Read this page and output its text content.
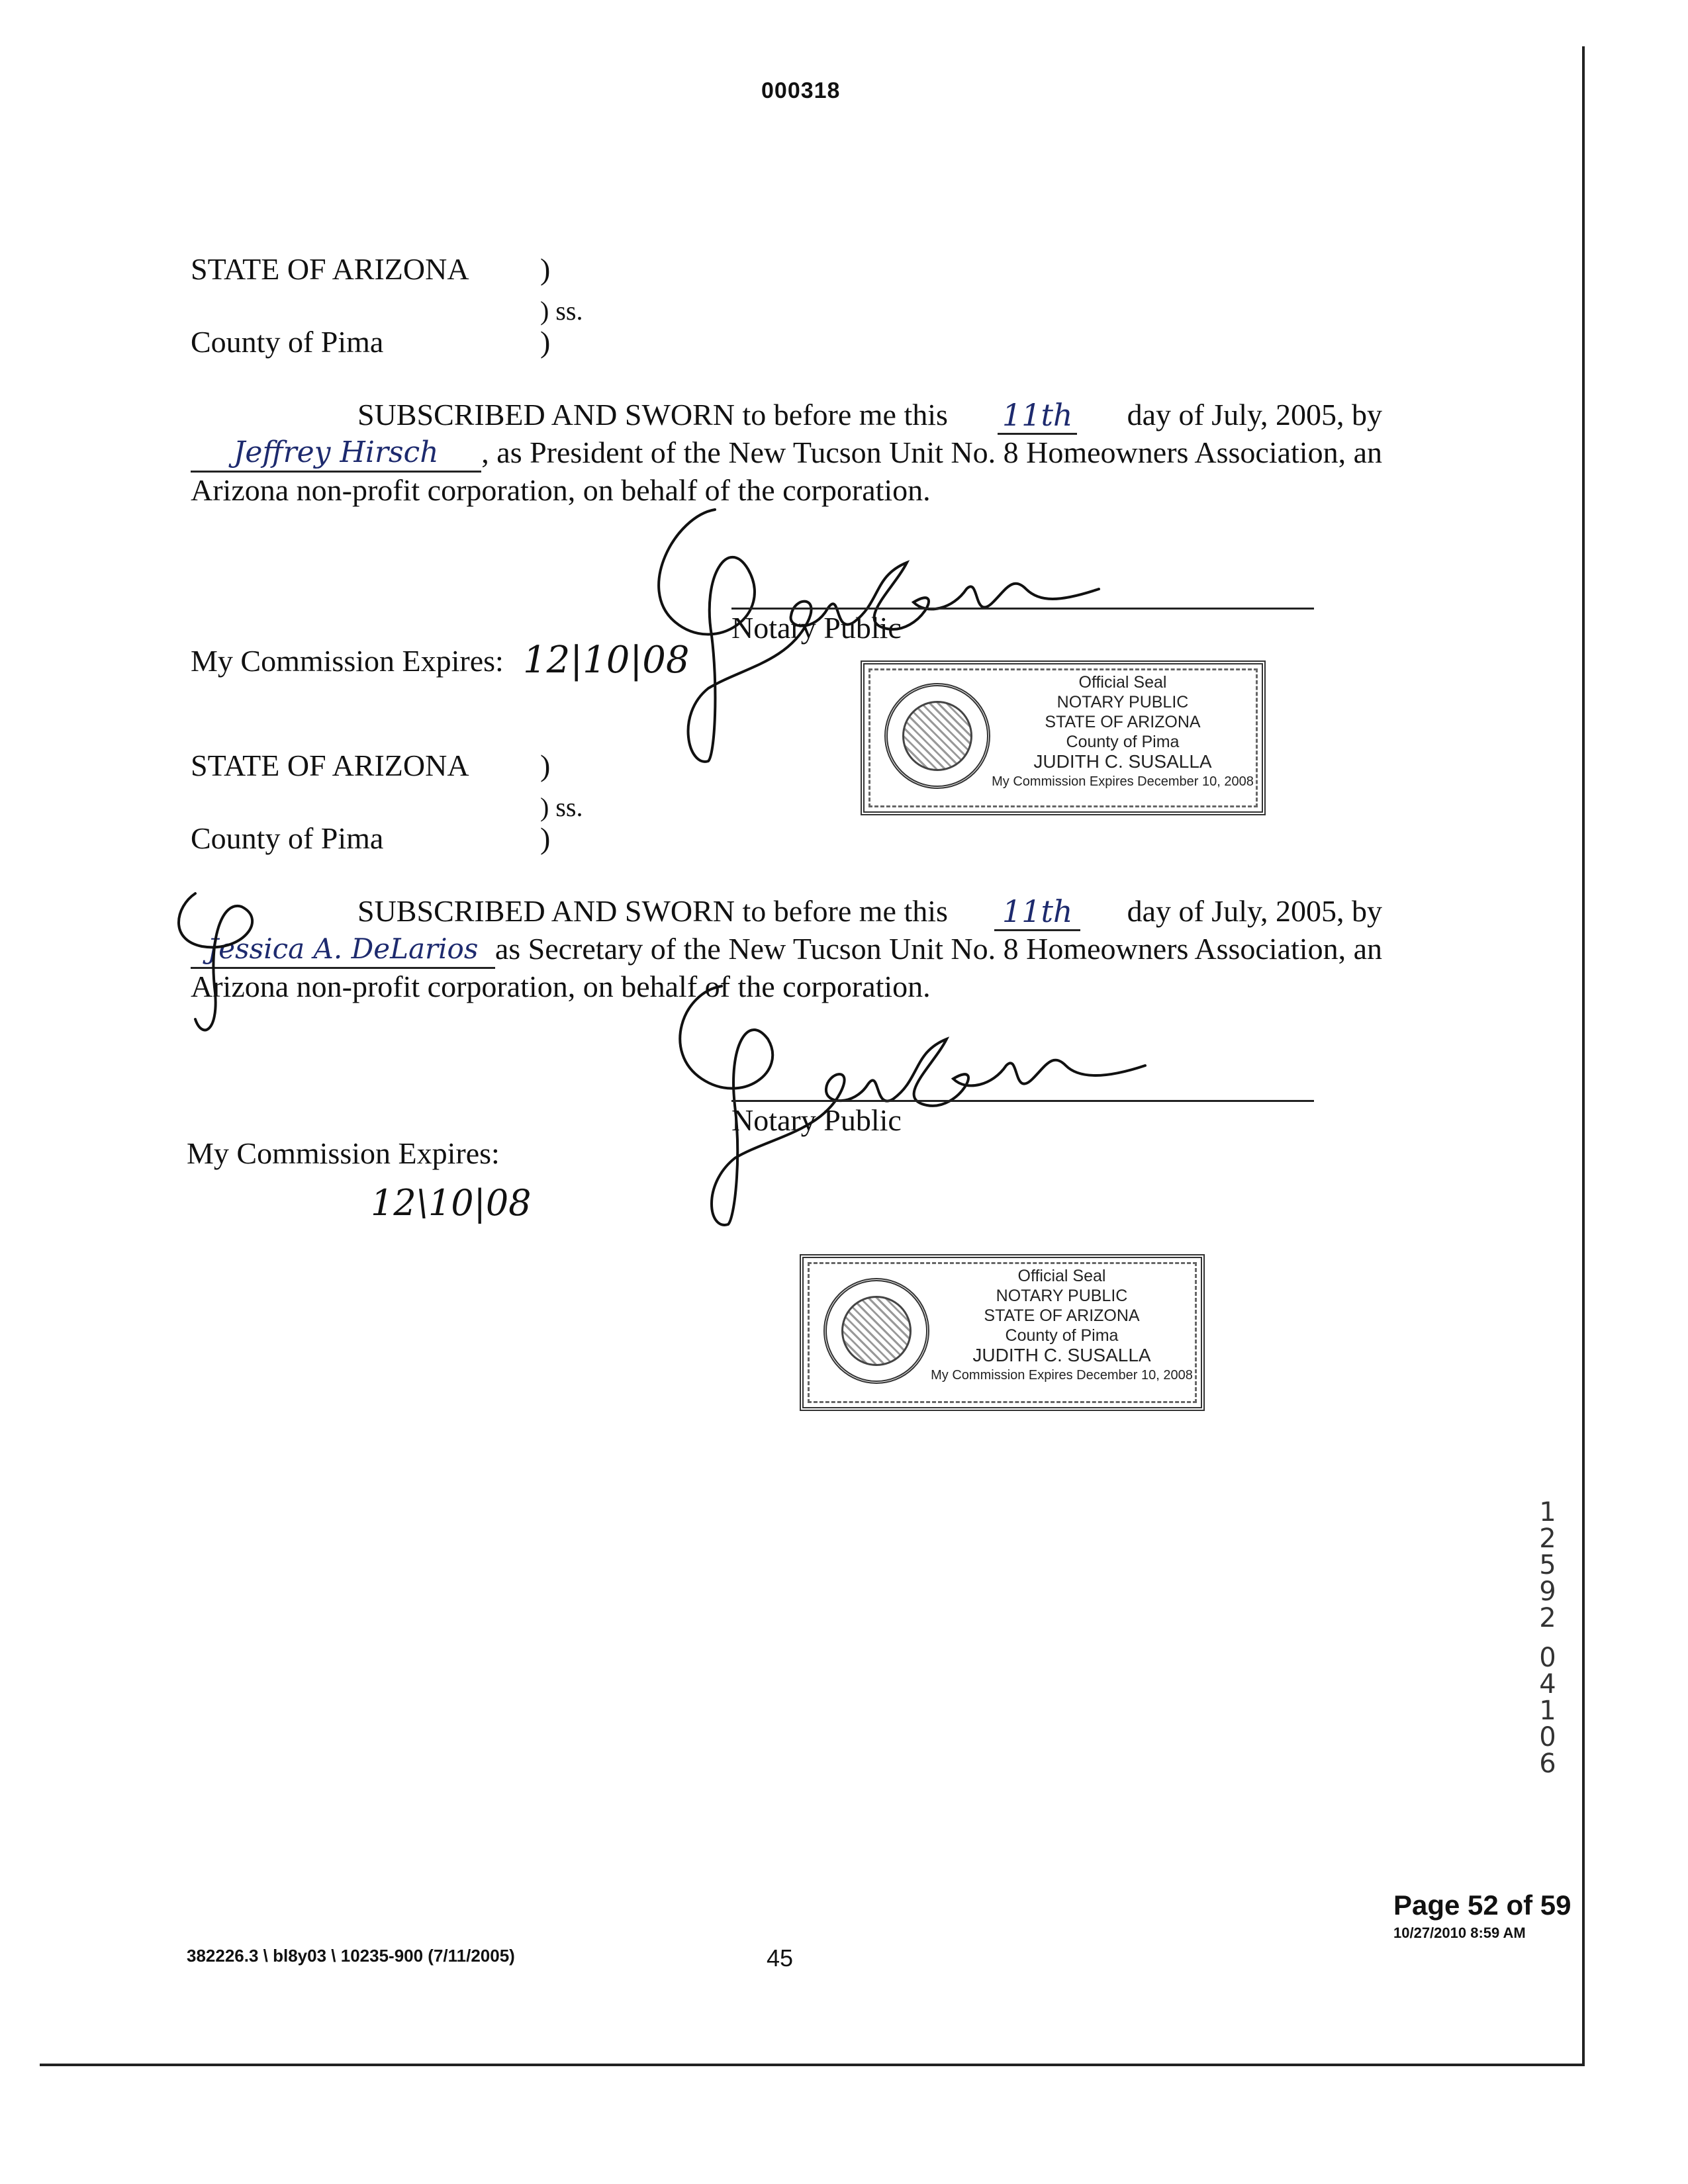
000318

STATE OF ARIZONA )

) ss.

County of Pima	)

SUBSCRIBED AND SWORN to before me this 11th day of July, 2005, by
Jeffrey Hirsch	, as President of the New Tucson Unit No. 8 Homeowners Association, an
Arizona non-profit corporation, on behalf of the corporation.

Notary Public

My Commission Expires: 12|10|08

Official Seal
NOTARY PUBLIC
STATE OF ARIZONA
County of Pima
JUDITH C. SUSALLA
My Commission Expires December 10, 2008

STATE OF ARIZONA )

) ss.

County of Pima	)

SUBSCRIBED AND SWORN to before me this 11th day of July, 2005, by
Jessica A. DeLarios as Secretary of the New Tucson Unit No. 8 Homeowners Association, an
Arizona non-profit corporation, on behalf of the corporation.

Notary Public

My Commission Expires:

12\10|08

Official Seal
NOTARY PUBLIC
STATE OF ARIZONA
County of Pima
JUDITH C. SUSALLA
My Commission Expires December 10, 2008
1
2
5
9
2
0
4
1
0
6

Page 52 of 59

10/27/2010 8:59 AM

382226.3 \ bl8y03 \ 10235-900 (7/11/2005)	45
